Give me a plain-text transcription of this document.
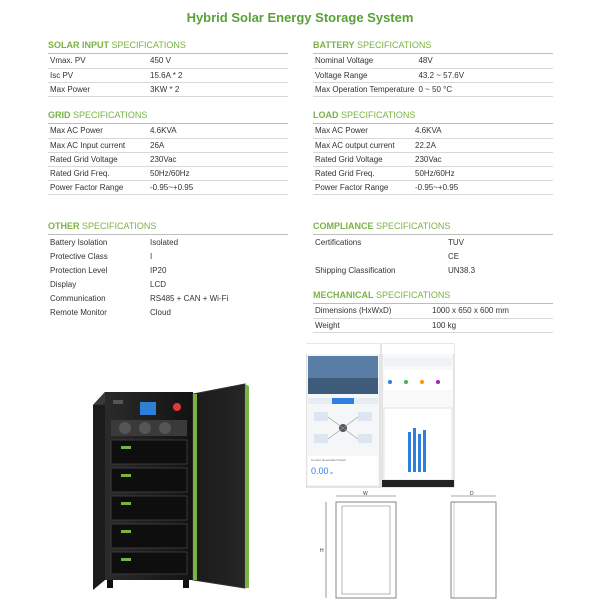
Hybrid Solar Energy Storage System
SOLAR INPUT SPECIFICATIONS
Vmax. PV	450 V
Isc PV	15.6A * 2
Max Power	3KW * 2
GRID SPECIFICATIONS
Max AC Power	4.6KVA
Max AC Input current	26A
Rated Grid Voltage	230Vac
Rated Grid Freq.	50Hz/60Hz
Power Factor Range	-0.95~+0.95
OTHER SPECIFICATIONS
Battery Isolation	Isolated
Protective Class	I
Protection Level	IP20
Display	LCD
Communication	RS485 + CAN + Wi-Fi
Remote Monitor	Cloud
BATTERY SPECIFICATIONS
Nominal Voltage	48V
Voltage Range	43.2 ~ 57.6V
Max Operation Temperature	0 ~ 50 °C
LOAD SPECIFICATIONS
Max AC Power	4.6KVA
Max AC output current	22.2A
Rated Grid Voltage	230Vac
Rated Grid Freq.	50Hz/60Hz
Power Factor Range	-0.95~+0.95
COMPLIANCE SPECIFICATIONS
Certifications	TUV
	CE
Shipping Classification	UN38.3
MECHANICAL SPECIFICATIONS
Dimensions (HxWxD)	1000 x 650 x 600 mm
Weight	100 kg
Current Generation Power
0.00 w
W
H
D
